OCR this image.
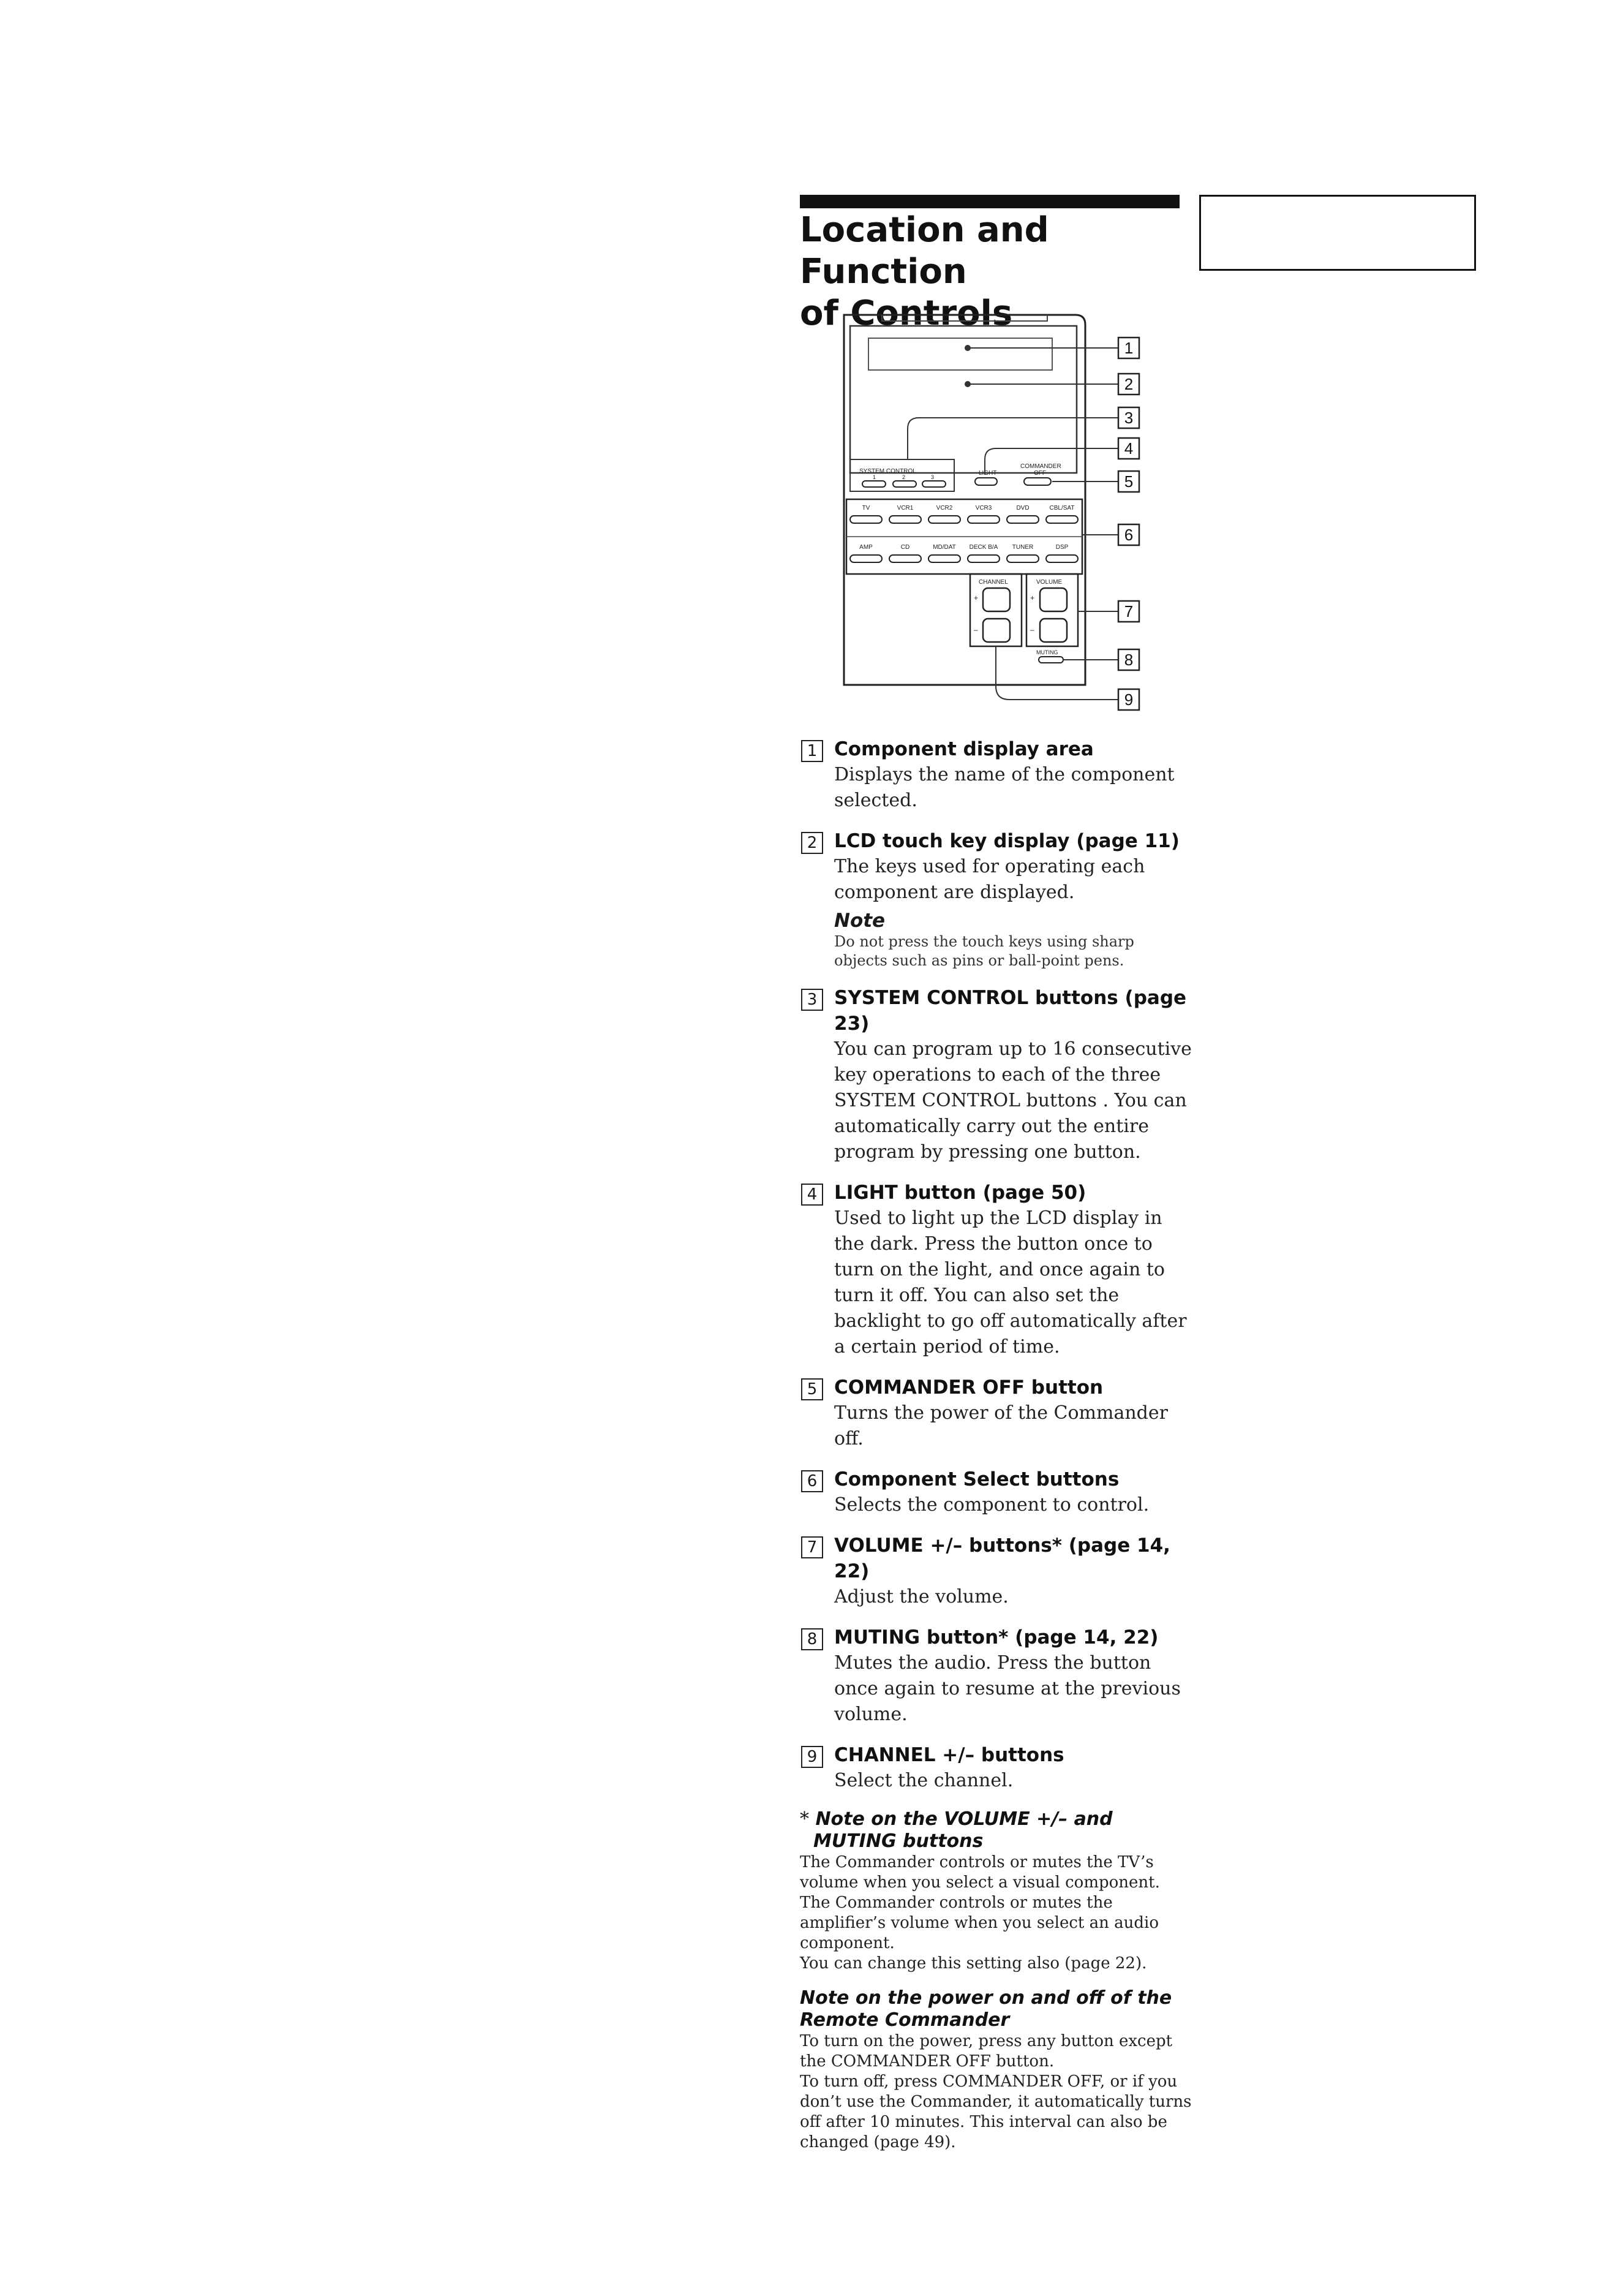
Location and Function
of Controls
SYSTEM CONTROL
1	2	3
LIGHT
COMMANDER
OFF
TV	VCR1	VCR2	VCR3	DVD	CBL/SAT
AMP	CD	MD/DAT DECK B/A TUNER	DSP
CHANNEL	VOLUME
+
–
+
–
MUTING
1
2
3
4
5
6
7
8
9
1 Component display area
Displays the name of the component selected.
2 LCD touch key display (page 11)
The keys used for operating each component are displayed.
Note
Do not press the touch keys using sharp objects such as pins or ball-point pens.
3 SYSTEM CONTROL buttons (page 23)
You can program up to 16 consecutive key operations to each of the three SYSTEM CONTROL buttons . You can automatically carry out the entire program by pressing one button.
4 LIGHT button (page 50)
Used to light up the LCD display in the dark. Press the button once to turn on the light, and once again to turn it off. You can also set the backlight to go off automatically after a certain period of time.
5 COMMANDER OFF button
Turns the power of the Commander off.
6 Component Select buttons
Selects the component to control.
7 VOLUME +/– buttons* (page 14, 22)
Adjust the volume.
8 MUTING button* (page 14, 22)
Mutes the audio. Press the button once again to resume at the previous volume.
9 CHANNEL +/– buttons
Select the channel.
* Note on the VOLUME +/– and
MUTING buttons
The Commander controls or mutes the TV’s volume when you select a visual component. The Commander controls or mutes the amplifier’s volume when you select an audio component.
You can change this setting also (page 22).
Note on the power on and off of the Remote Commander
To turn on the power, press any button except the COMMANDER OFF button.
To turn off, press COMMANDER OFF, or if you don’t use the Commander, it automatically turns off after 10 minutes. This interval can also be changed (page 49).
